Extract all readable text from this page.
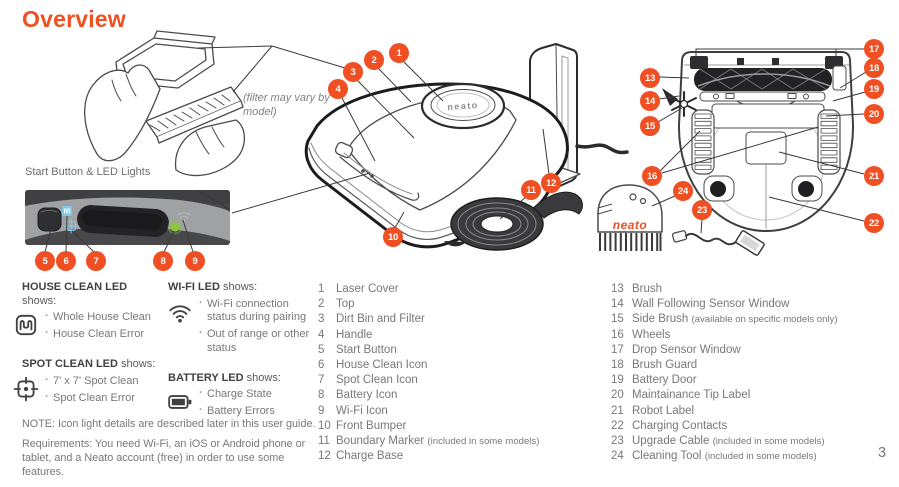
Overview
neato
neato
(filter may vary by model)
Start Button & LED Lights
HOUSE CLEAN LED shows:
· Whole House Clean
· House Clean Error
SPOT CLEAN LED shows:
· 7' x 7' Spot Clean
· Spot Clean Error
WI-FI LED shows:
· Wi-Fi connection status during pairing
· Out of range or other status
BATTERY LED shows:
· Charge State
· Battery Errors
NOTE: Icon light details are described later in this user guide.
Requirements: You need Wi-Fi, an iOS or Android phone or tablet, and a Neato account (free) in order to use some features.
1 Laser Cover
2 Top
3 Dirt Bin and Filter
4 Handle
5 Start Button
6 House Clean Icon
7 Spot Clean Icon
8 Battery Icon
9 Wi-Fi Icon
10 Front Bumper
11 Boundary Marker (included in some models)
12 Charge Base
13 Brush
14 Wall Following Sensor Window
15 Side Brush (available on specific models only)
16 Wheels
17 Drop Sensor Window
18 Brush Guard
19 Battery Door
20 Maintainance Tip Label
21 Robot Label
22 Charging Contacts
23 Upgrade Cable (included in some models)
24 Cleaning Tool (included in some models)	3
1
2
3
4
5	6	7	8	9
10
11
12
13
14
15
16
17
18
19
20
21
22
23
24
